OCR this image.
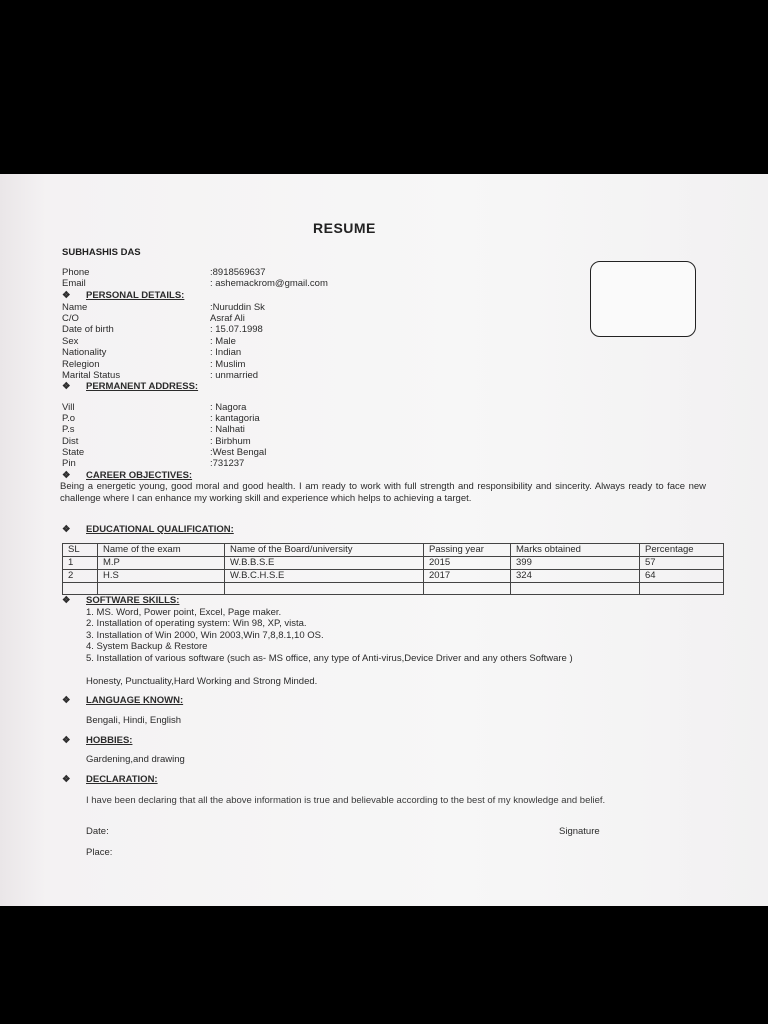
RESUME
SUBHASHIS DAS
Phone	:8918569637
Email	: ashemackrom@gmail.com
❖ PERSONAL DETAILS:
Name	:Nuruddin Sk
C/O	Asraf Ali
Date of birth	: 15.07.1998
Sex	: Male
Nationality	: Indian
Relegion	: Muslim
Marital Status	: unmarried
❖ PERMANENT ADDRESS:
Vill	: Nagora
P.o	: kantagoria
P.s	: Nalhati
Dist	: Birbhum
State	:West Bengal
Pin	:731237
❖ CAREER OBJECTIVES:
Being a energetic young, good moral and good health. I am ready to work with full strength and responsibility and sincerity. Always ready to face new challenge where I can enhance my working skill and experience which helps to achieving a target.
❖ EDUCATIONAL QUALIFICATION:
SL	Name of the exam	Name of the Board/university	Passing year	Marks obtained	Percentage
1	M.P	W.B.B.S.E	2015	399	57
2	H.S	W.B.C.H.S.E	2017	324	64

❖ SOFTWARE SKILLS:
1. MS. Word, Power point, Excel, Page maker.
2. Installation of operating system: Win 98, XP, vista.
3. Installation of Win 2000, Win 2003,Win 7,8,8.1,10 OS.
4. System Backup & Restore
5. Installation of various software (such as- MS office, any type of Anti-virus,Device Driver and any others Software )
Honesty, Punctuality,Hard Working and Strong Minded.
❖ LANGUAGE KNOWN:
Bengali, Hindi, English
❖ HOBBIES:
Gardening,and drawing
❖ DECLARATION:
I have been declaring that all the above information is true and believable according to the best of my knowledge and belief.
Date:	Signature
Place:
